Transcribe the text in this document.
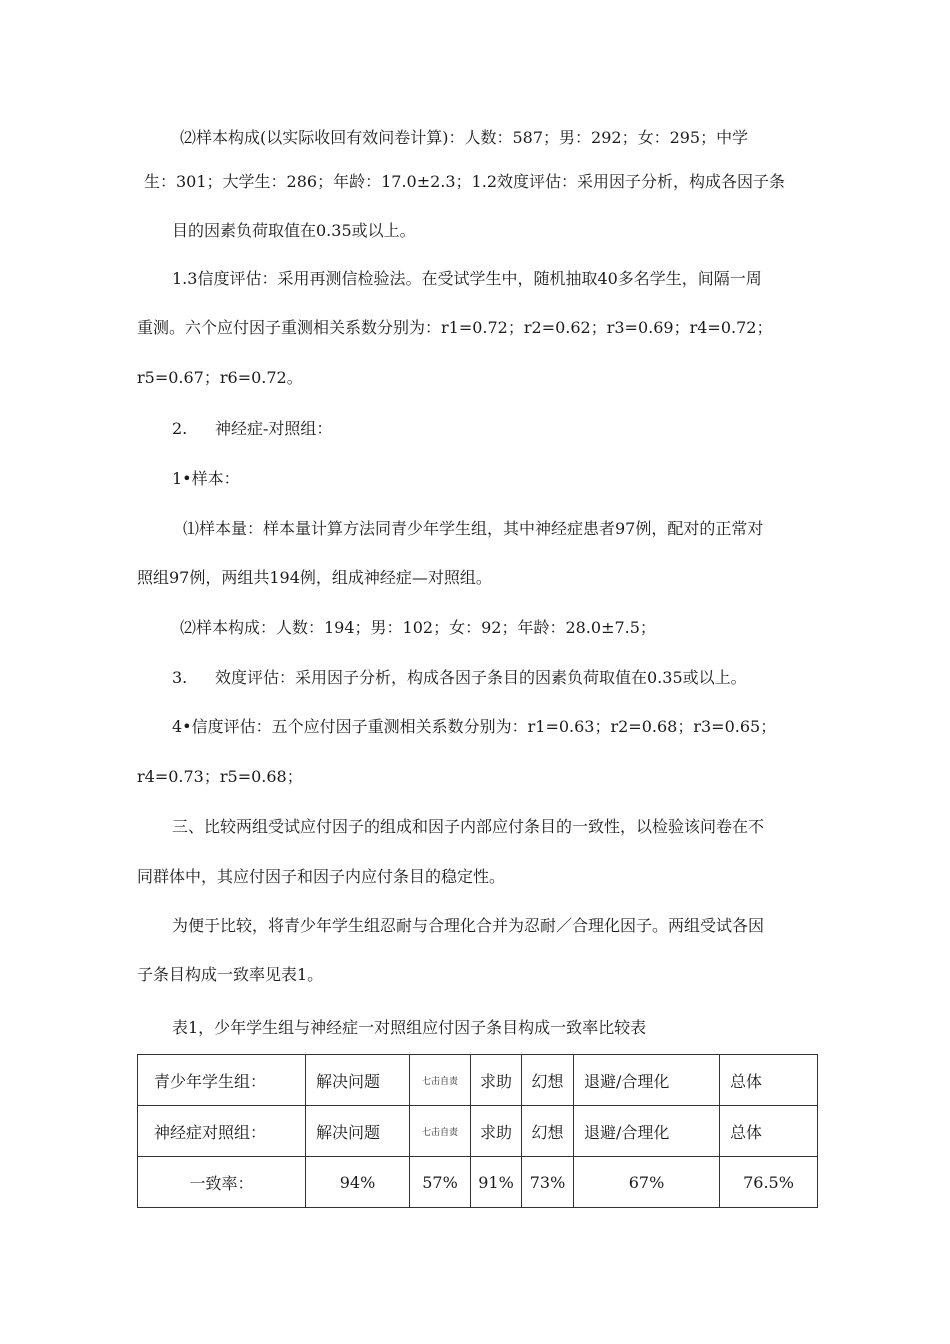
⑵样本构成(以实际收回有效问卷计算)：人数：587；男：292；女：295；中学
生：301；大学生：286；年龄：17.0±2.3；1.2效度评估：采用因子分析，构成各因子条
目的因素负荷取值在0.35或以上。
1.3信度评估：采用再测信检验法。在受试学生中，随机抽取40多名学生，间隔一周
重测。六个应付因子重测相关系数分别为：r1=0.72；r2=0.62；r3=0.69；r4=0.72；
r5=0.67；r6=0.72。
2. 神经症-对照组：
1•样本：
⑴样本量：样本量计算方法同青少年学生组，其中神经症患者97例，配对的正常对
照组97例，两组共194例，组成神经症—对照组。
⑵样本构成：人数：194；男：102；女：92；年龄：28.0±7.5；
3. 效度评估：采用因子分析，构成各因子条目的因素负荷取值在0.35或以上。
4•信度评估：五个应付因子重测相关系数分别为：r1=0.63；r2=0.68；r3=0.65；
r4=0.73；r5=0.68；
三、比较两组受试应付因子的组成和因子内部应付条目的一致性，以检验该问卷在不
同群体中，其应付因子和因子内应付条目的稳定性。
为便于比较，将青少年学生组忍耐与合理化合并为忍耐／合理化因子。两组受试各因
子条目构成一致率见表1。
表1，少年学生组与神经症一对照组应付因子条目构成一致率比较表
青少年学生组：	解决问题	七击自责	求助	幻想	退避/合理化	总体
神经症对照组：	解决问题	七击自责	求助	幻想	退避/合理化	总体
一致率：	94%	57%	91%	73%	67%	76.5%
